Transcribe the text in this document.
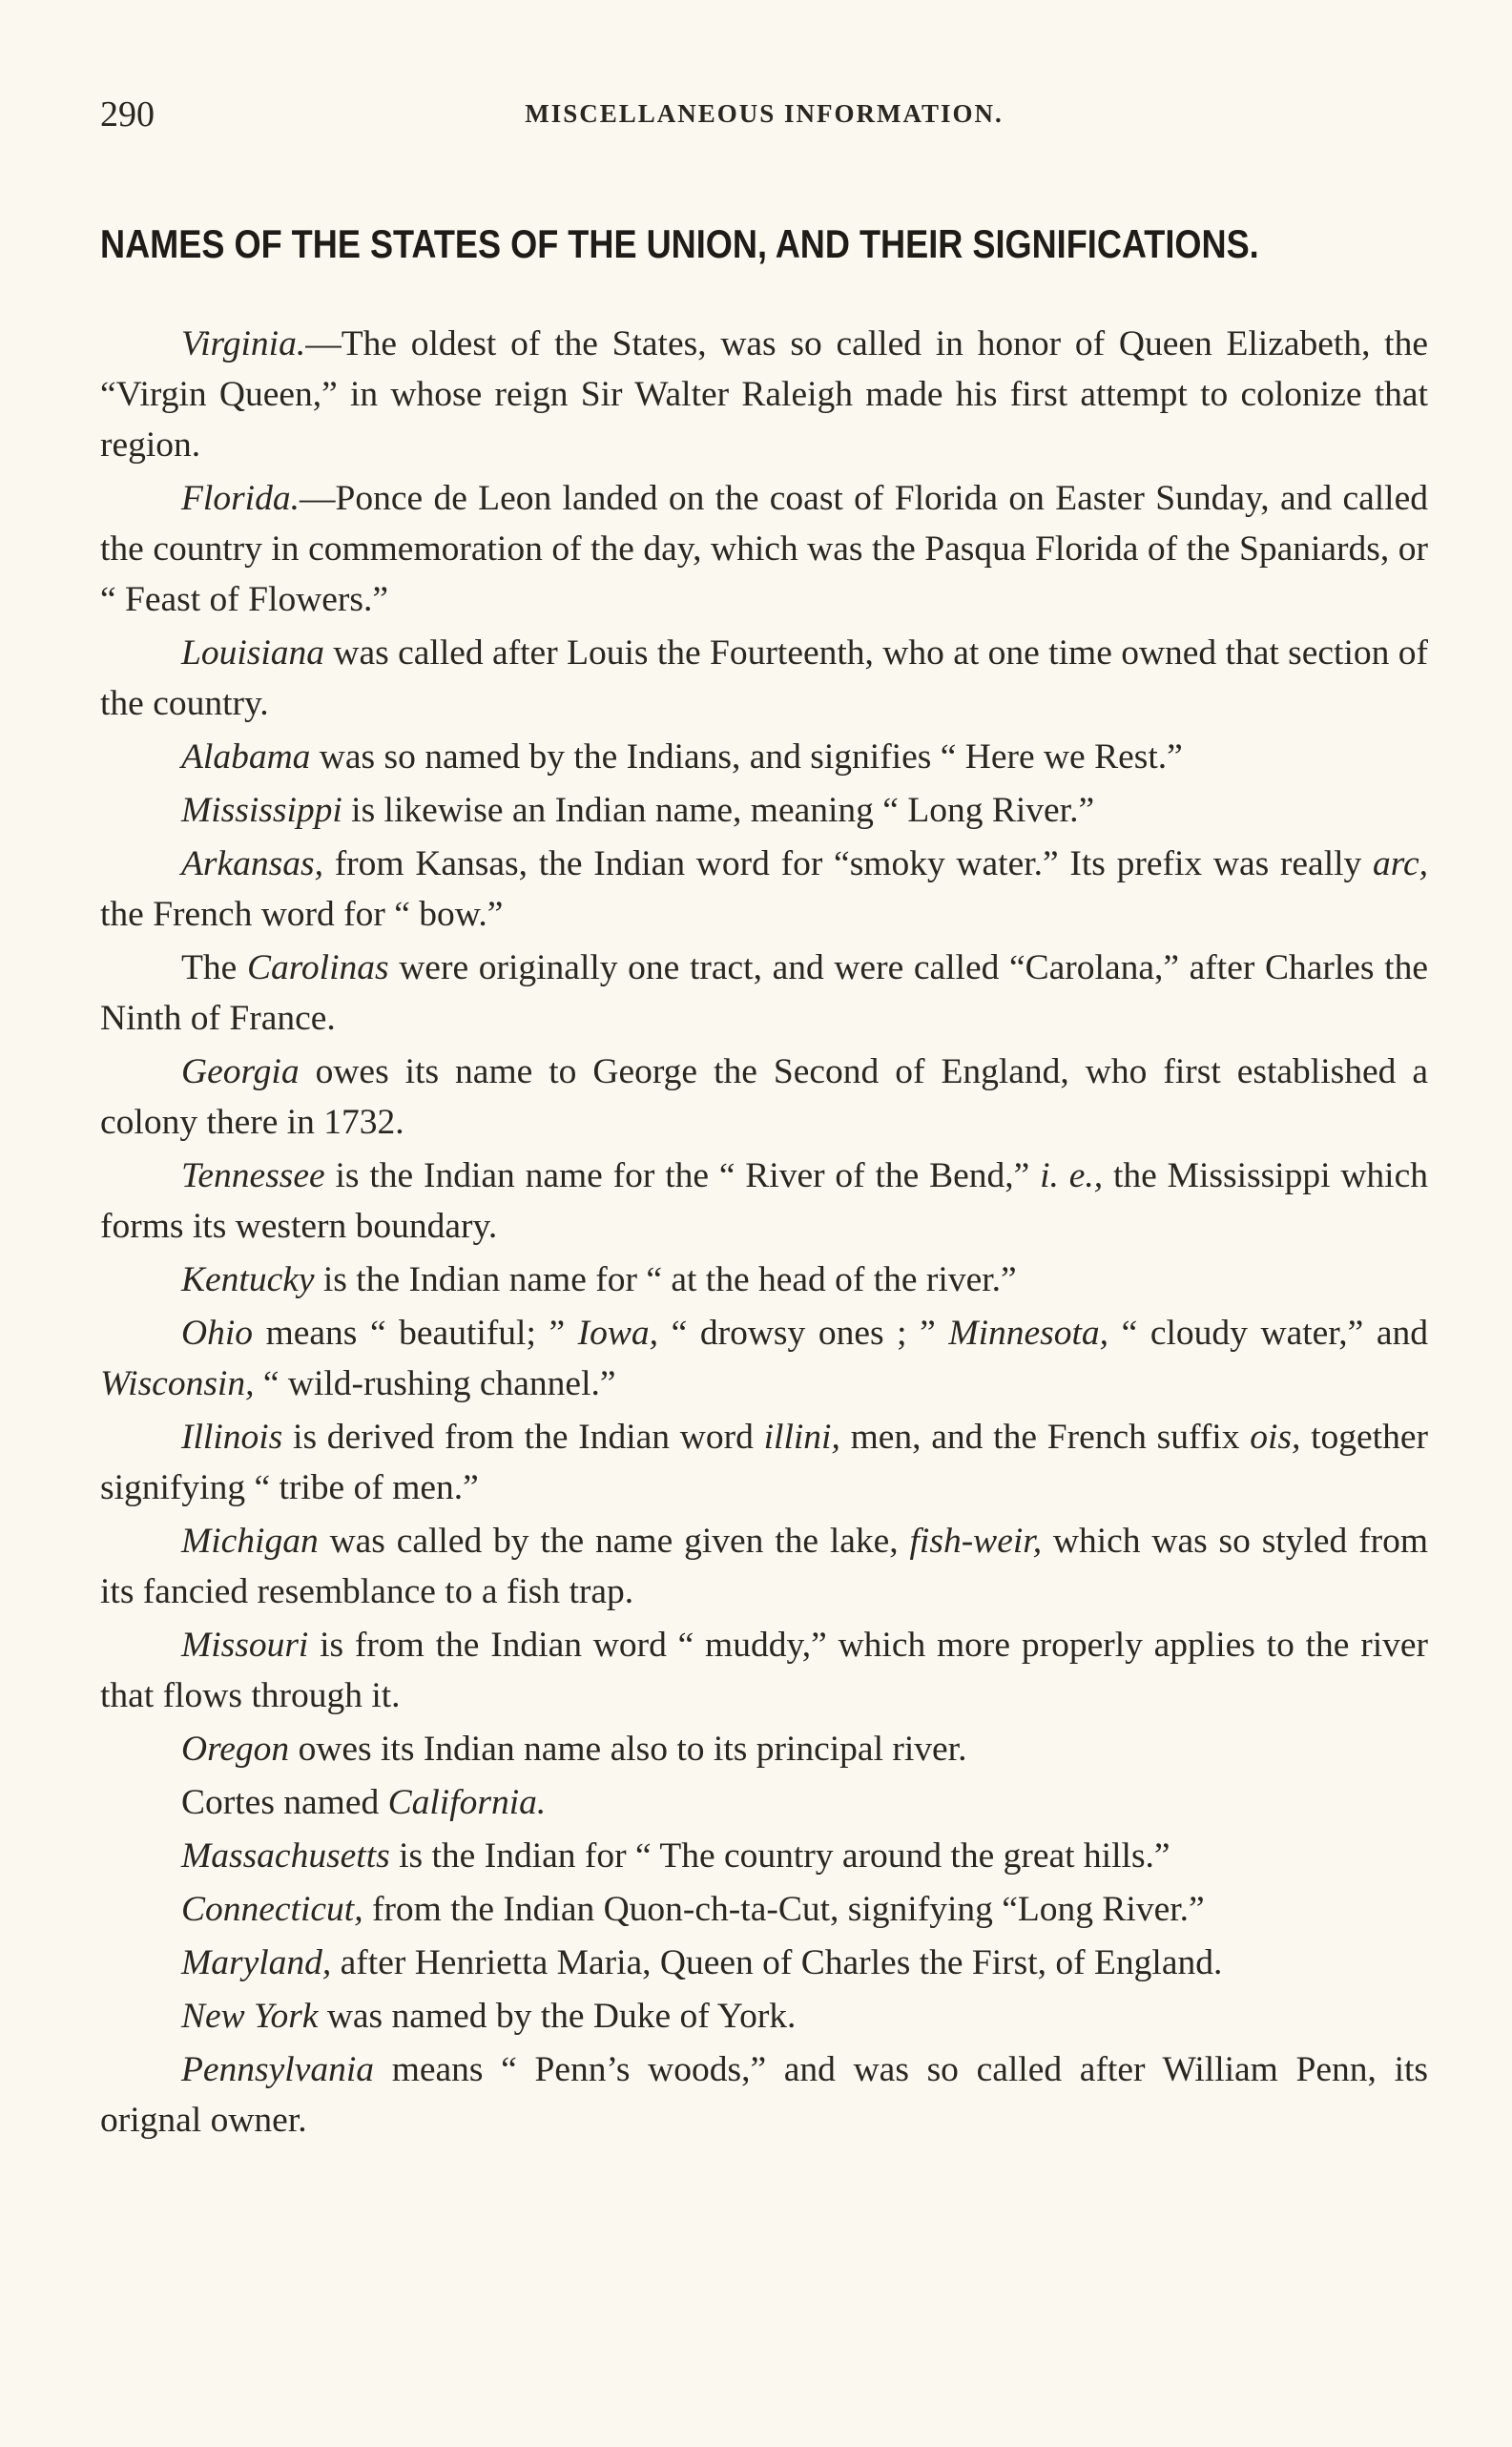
290	MISCELLANEOUS INFORMATION.
NAMES OF THE STATES OF THE UNION, AND THEIR SIGNIFICATIONS.

Virginia.—The oldest of the States, was so called in honor of Queen Elizabeth, the “Virgin Queen,” in whose reign Sir Walter Raleigh made his first attempt to colonize that region.

Florida.—Ponce de Leon landed on the coast of Florida on Easter Sunday, and called the country in commemoration of the day, which was the Pasqua Florida of the Spaniards, or “ Feast of Flowers.”

Louisiana was called after Louis the Fourteenth, who at one time owned that section of the country.

Alabama was so named by the Indians, and signifies “ Here we Rest.”

Mississippi is likewise an Indian name, meaning “ Long River.”

Arkansas, from Kansas, the Indian word for “smoky water.” Its prefix was really arc, the French word for “ bow.”

The Carolinas were originally one tract, and were called “Carolana,” after Charles the Ninth of France.

Georgia owes its name to George the Second of England, who first established a colony there in 1732.

Tennessee is the Indian name for the “ River of the Bend,” i. e., the Mississippi which forms its western boundary.

Kentucky is the Indian name for “ at the head of the river.”

Ohio means “ beautiful; ” Iowa, “ drowsy ones ; ” Minnesota, “ cloudy water,” and Wisconsin, “ wild-rushing channel.”

Illinois is derived from the Indian word illini, men, and the French suffix ois, together signifying “ tribe of men.”

Michigan was called by the name given the lake, fish-weir, which was so styled from its fancied resemblance to a fish trap.

Missouri is from the Indian word “ muddy,” which more properly applies to the river that flows through it.

Oregon owes its Indian name also to its principal river.

Cortes named California.

Massachusetts is the Indian for “ The country around the great hills.”

Connecticut, from the Indian Quon-ch-ta-Cut, signifying “Long River.”

Maryland, after Henrietta Maria, Queen of Charles the First, of England.

New York was named by the Duke of York.

Pennsylvania means “ Penn’s woods,” and was so called after William Penn, its orignal owner.
